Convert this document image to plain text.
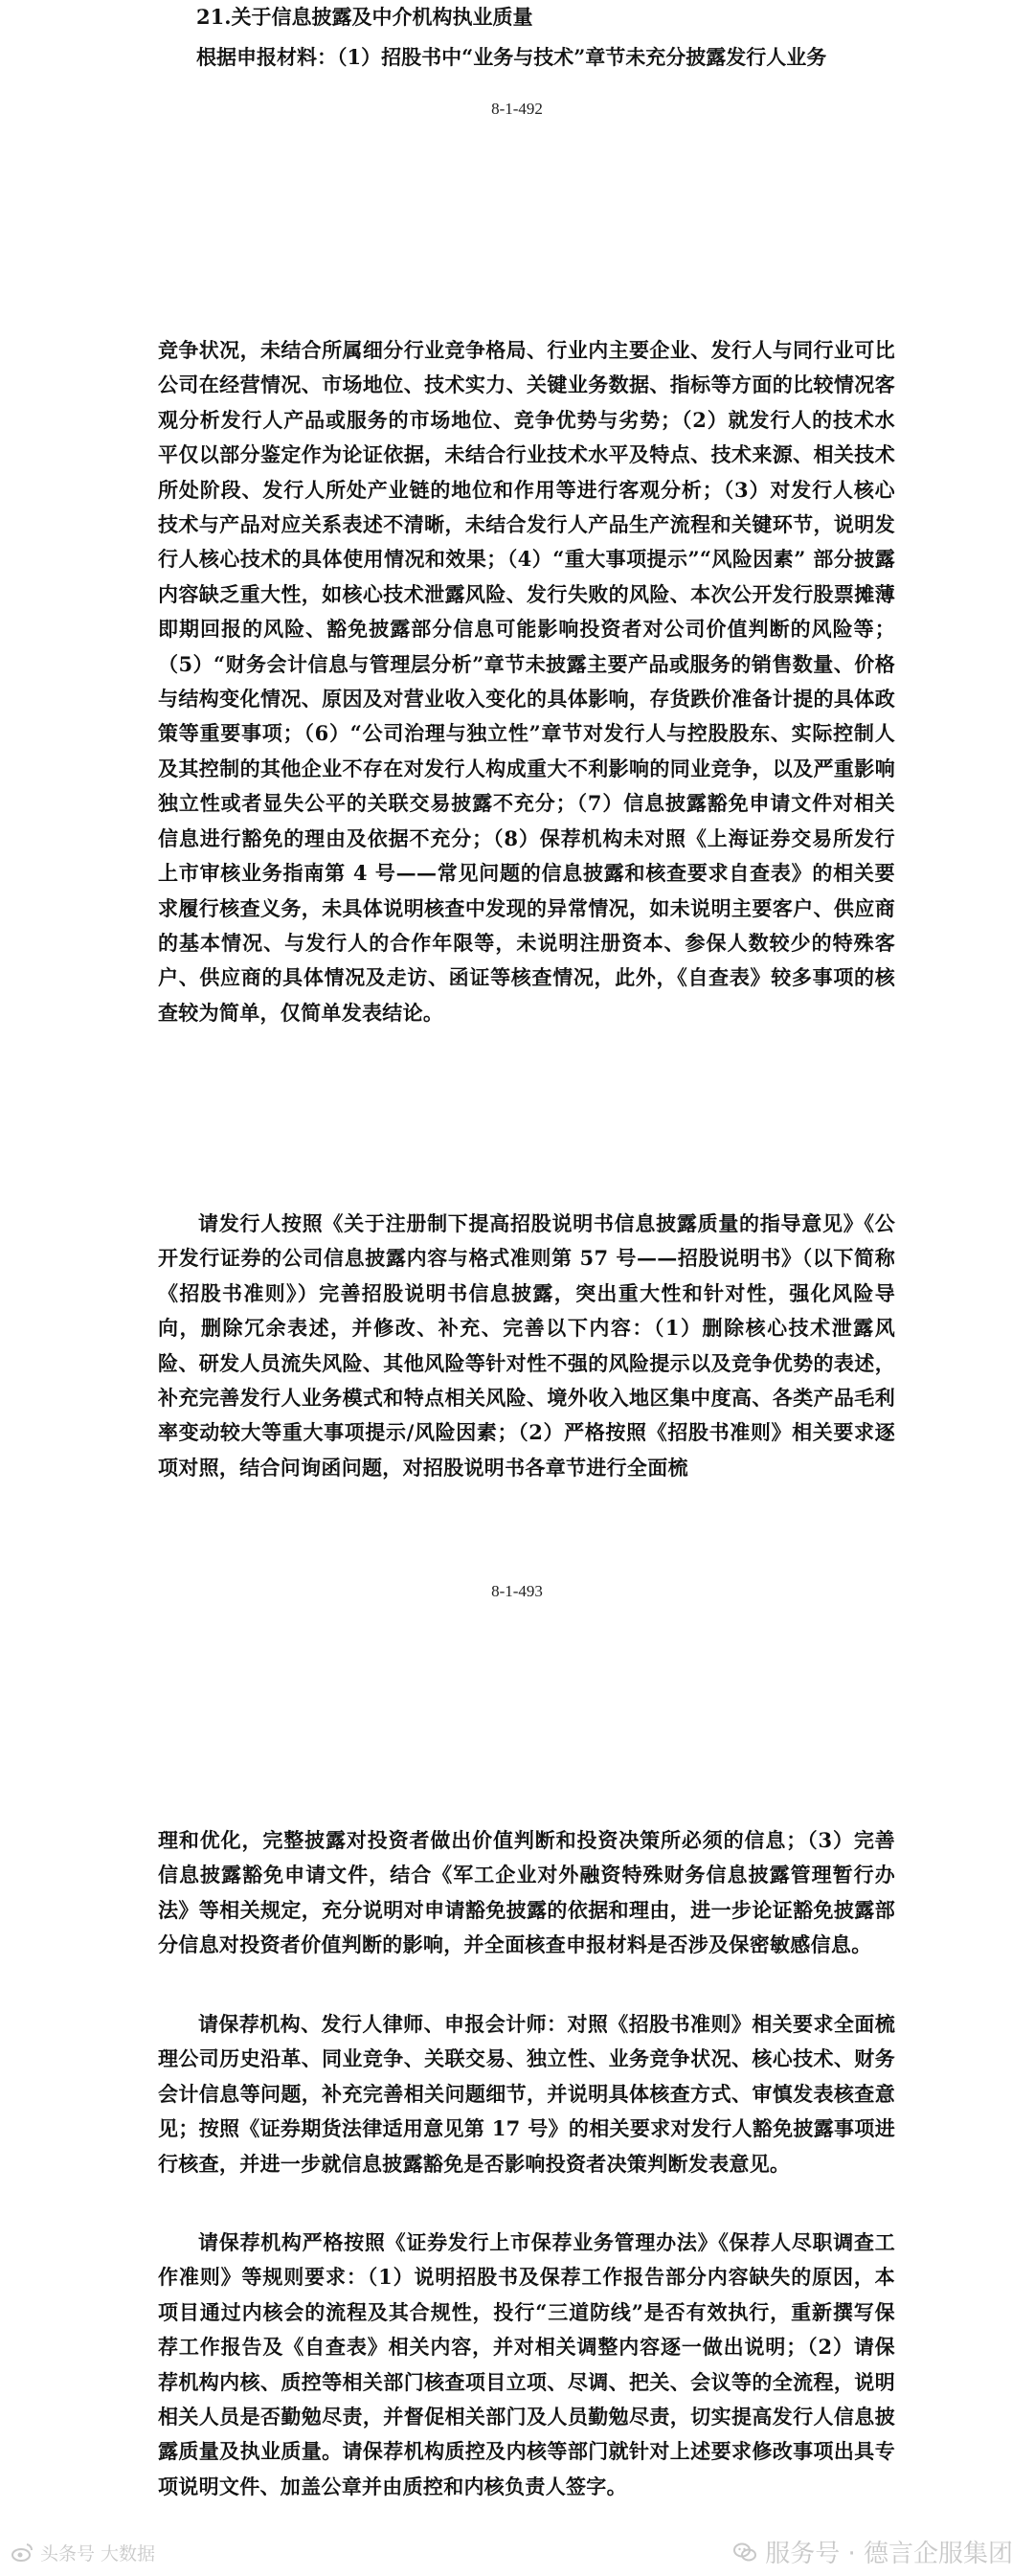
21.关于信息披露及中介机构执业质量

根据申报材料：（1）招股书中“业务与技术”章节未充分披露发行人业务

8-1-492

竞争状况，未结合所属细分行业竞争格局、行业内主要企业、发行人与同行业可比公司在经营情况、市场地位、技术实力、关键业务数据、指标等方面的比较情况客观分析发行人产品或服务的市场地位、竞争优势与劣势；（2）就发行人的技术水平仅以部分鉴定作为论证依据，未结合行业技术水平及特点、技术来源、相关技术所处阶段、发行人所处产业链的地位和作用等进行客观分析；（3）对发行人核心技术与产品对应关系表述不清晰，未结合发行人产品生产流程和关键环节，说明发行人核心技术的具体使用情况和效果；（4）“重大事项提示”“风险因素” 部分披露内容缺乏重大性，如核心技术泄露风险、发行失败的风险、本次公开发行股票摊薄即期回报的风险、豁免披露部分信息可能影响投资者对公司价值判断的风险等；（5）“财务会计信息与管理层分析”章节未披露主要产品或服务的销售数量、价格与结构变化情况、原因及对营业收入变化的具体影响，存货跌价准备计提的具体政策等重要事项；（6）“公司治理与独立性”章节对发行人与控股股东、实际控制人及其控制的其他企业不存在对发行人构成重大不利影响的同业竞争，以及严重影响独立性或者显失公平的关联交易披露不充分；（7）信息披露豁免申请文件对相关信息进行豁免的理由及依据不充分；（8）保荐机构未对照《上海证券交易所发行上市审核业务指南第 4 号——常见问题的信息披露和核查要求自查表》的相关要求履行核查义务，未具体说明核查中发现的异常情况，如未说明主要客户、供应商的基本情况、与发行人的合作年限等，未说明注册资本、参保人数较少的特殊客户、供应商的具体情况及走访、函证等核查情况，此外，《自查表》较多事项的核查较为简单，仅简单发表结论。

请发行人按照《关于注册制下提高招股说明书信息披露质量的指导意见》《公开发行证券的公司信息披露内容与格式准则第 57 号——招股说明书》（以下简称《招股书准则》）完善招股说明书信息披露，突出重大性和针对性，强化风险导向，删除冗余表述，并修改、补充、完善以下内容：（1）删除核心技术泄露风险、研发人员流失风险、其他风险等针对性不强的风险提示以及竞争优势的表述，补充完善发行人业务模式和特点相关风险、境外收入地区集中度高、各类产品毛利率变动较大等重大事项提示/风险因素；（2）严格按照《招股书准则》相关要求逐项对照，结合问询函问题，对招股说明书各章节进行全面梳

8-1-493

理和优化，完整披露对投资者做出价值判断和投资决策所必须的信息；（3）完善信息披露豁免申请文件，结合《军工企业对外融资特殊财务信息披露管理暂行办法》等相关规定，充分说明对申请豁免披露的依据和理由，进一步论证豁免披露部分信息对投资者价值判断的影响，并全面核查申报材料是否涉及保密敏感信息。

请保荐机构、发行人律师、申报会计师：对照《招股书准则》相关要求全面梳理公司历史沿革、同业竞争、关联交易、独立性、业务竞争状况、核心技术、财务会计信息等问题，补充完善相关问题细节，并说明具体核查方式、审慎发表核查意见；按照《证券期货法律适用意见第 17 号》的相关要求对发行人豁免披露事项进行核查，并进一步就信息披露豁免是否影响投资者决策判断发表意见。

请保荐机构严格按照《证券发行上市保荐业务管理办法》《保荐人尽职调查工作准则》等规则要求：（1）说明招股书及保荐工作报告部分内容缺失的原因，本项目通过内核会的流程及其合规性，投行“三道防线”是否有效执行，重新撰写保荐工作报告及《自查表》相关内容，并对相关调整内容逐一做出说明；（2）请保荐机构内核、质控等相关部门核查项目立项、尽调、把关、会议等的全流程，说明相关人员是否勤勉尽责，并督促相关部门及人员勤勉尽责，切实提高发行人信息披露质量及执业质量。请保荐机构质控及内核等部门就针对上述要求修改事项出具专项说明文件、加盖公章并由质控和内核负责人签字。

头条号 大数据	服务号 · 德言企服集团
